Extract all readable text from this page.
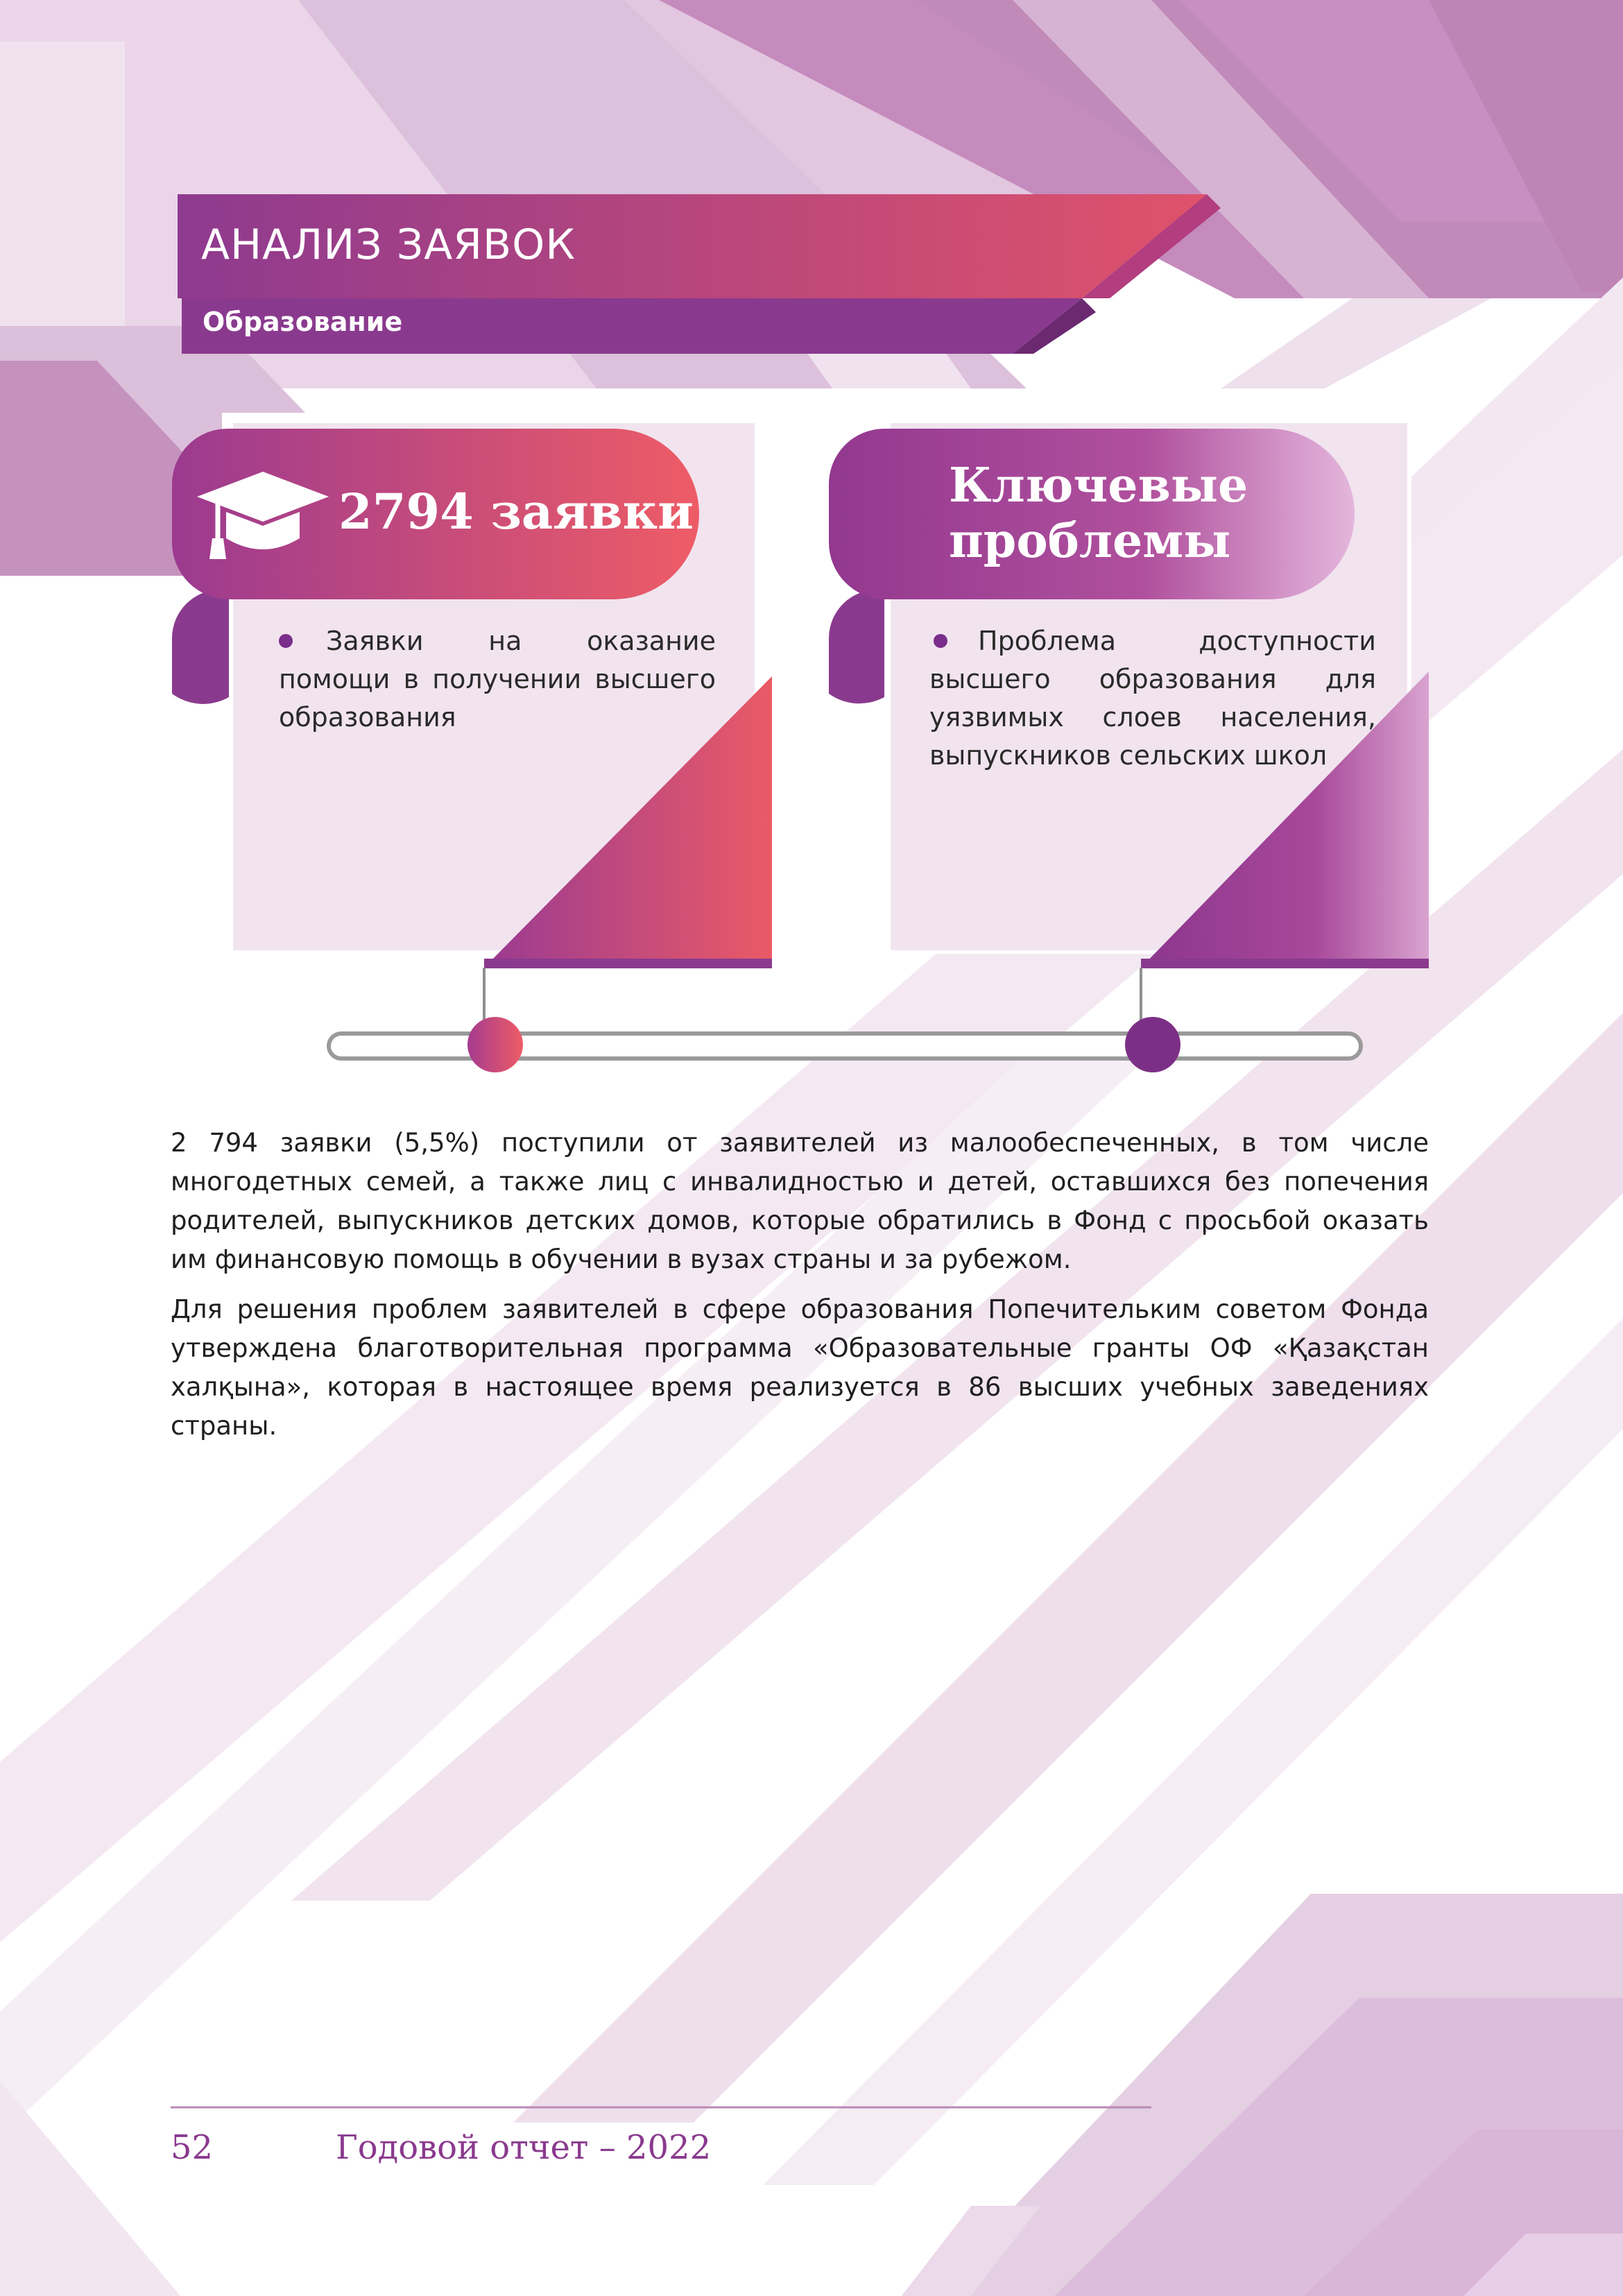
АНАЛИЗ ЗАЯВОК
Образование
2794 заявки
Заявки на оказание помощи в получении высшего образования
Ключевые
проблемы
Проблема доступности высшего образования для уязвимых слоев населения, выпускников сельских школ

2 794 заявки (5,5%) поступили от заявителей из малообеспеченных, в том числе многодетных семей, а также лиц с инвалидностью и детей, оставшихся без попечения родителей, выпускников детских домов, которые обратились в Фонд с просьбой оказать им финансовую помощь в обучении в вузах страны и за рубежом.

Для решения проблем заявителей в сфере образования Попечительким советом Фонда утверждена благотворительная программа «Образовательные гранты ОФ «Қазақстан халқына», которая в настоящее время реализуется в 86 высших учебных заведениях страны.

52	Годовой отчет – 2022
